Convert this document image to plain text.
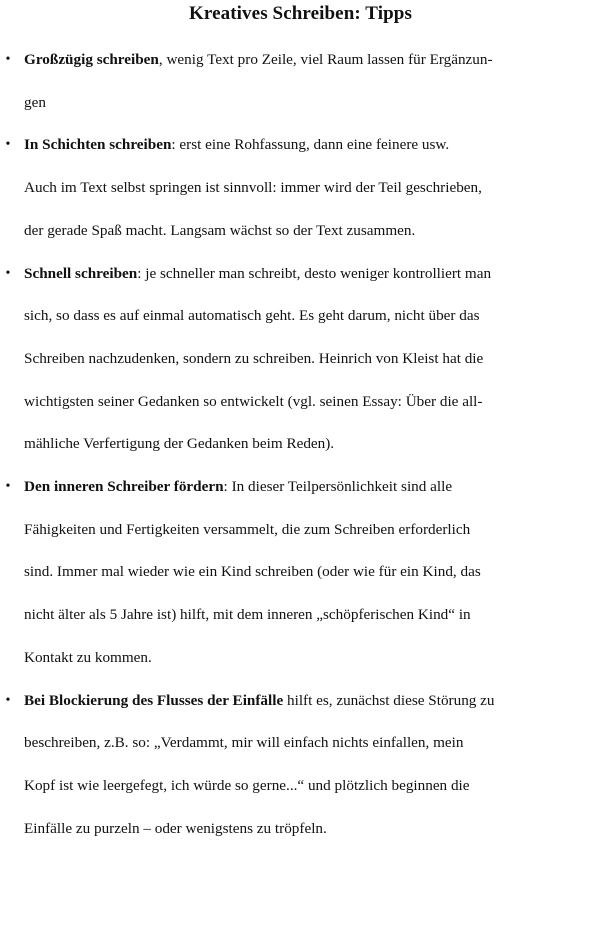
Kreatives Schreiben: Tipps
• Großzügig schreiben, wenig Text pro Zeile, viel Raum lassen für Ergänzun-
gen
• In Schichten schreiben: erst eine Rohfassung, dann eine feinere usw.
Auch im Text selbst springen ist sinnvoll: immer wird der Teil geschrieben,
der gerade Spaß macht. Langsam wächst so der Text zusammen.
• Schnell schreiben: je schneller man schreibt, desto weniger kontrolliert man
sich, so dass es auf einmal automatisch geht. Es geht darum, nicht über das
Schreiben nachzudenken, sondern zu schreiben. Heinrich von Kleist hat die
wichtigsten seiner Gedanken so entwickelt (vgl. seinen Essay: Über die all-
mähliche Verfertigung der Gedanken beim Reden).
• Den inneren Schreiber fördern: In dieser Teilpersönlichkeit sind alle
Fähigkeiten und Fertigkeiten versammelt, die zum Schreiben erforderlich
sind. Immer mal wieder wie ein Kind schreiben (oder wie für ein Kind, das
nicht älter als 5 Jahre ist) hilft, mit dem inneren „schöpferischen Kind“ in
Kontakt zu kommen.
• Bei Blockierung des Flusses der Einfälle hilft es, zunächst diese Störung zu
beschreiben, z.B. so: „Verdammt, mir will einfach nichts einfallen, mein
Kopf ist wie leergefegt, ich würde so gerne...“ und plötzlich beginnen die
Einfälle zu purzeln – oder wenigstens zu tröpfeln.
